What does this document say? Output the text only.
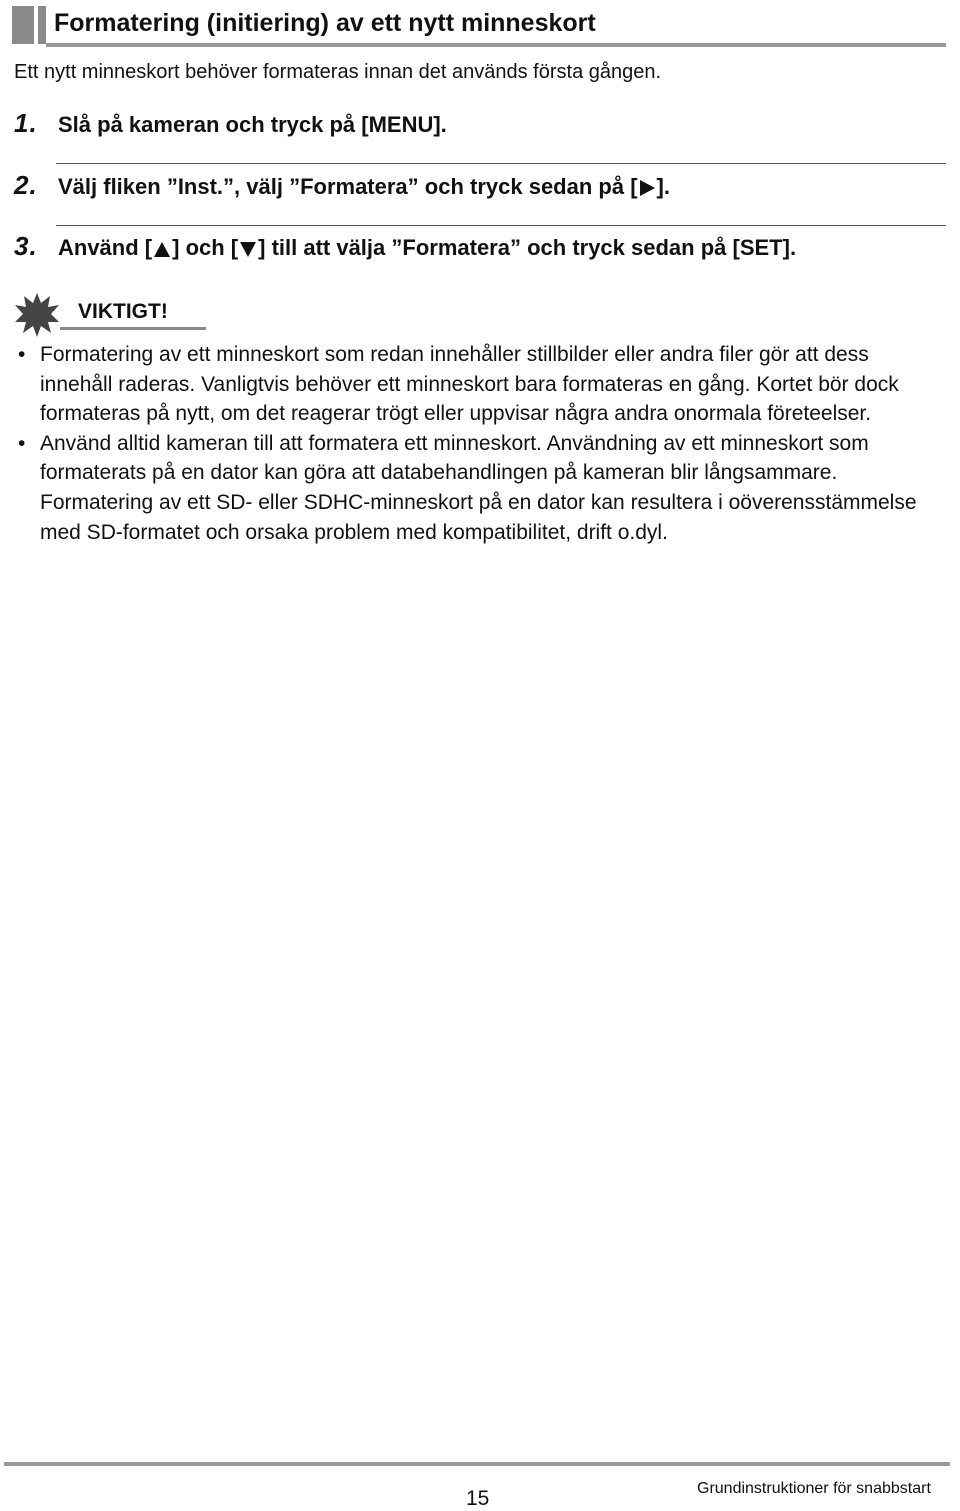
Formatering (initiering) av ett nytt minneskort
Ett nytt minneskort behöver formateras innan det används första gången.
1. Slå på kameran och tryck på [MENU].
2. Välj fliken ”Inst.”, välj ”Formatera” och tryck sedan på [ ].
3. Använd [ ] och [ ] till att välja ”Formatera” och tryck sedan på [SET].
VIKTIGT!
• Formatering av ett minneskort som redan innehåller stillbilder eller andra filer gör att dess innehåll raderas. Vanligtvis behöver ett minneskort bara formateras en gång. Kortet bör dock formateras på nytt, om det reagerar trögt eller uppvisar några andra onormala företeelser.
• Använd alltid kameran till att formatera ett minneskort. Användning av ett minneskort som formaterats på en dator kan göra att databehandlingen på kameran blir långsammare. Formatering av ett SD- eller SDHC-minneskort på en dator kan resultera i oöverensstämmelse med SD-formatet och orsaka problem med kompatibilitet, drift o.dyl.
15	Grundinstruktioner för snabbstart
